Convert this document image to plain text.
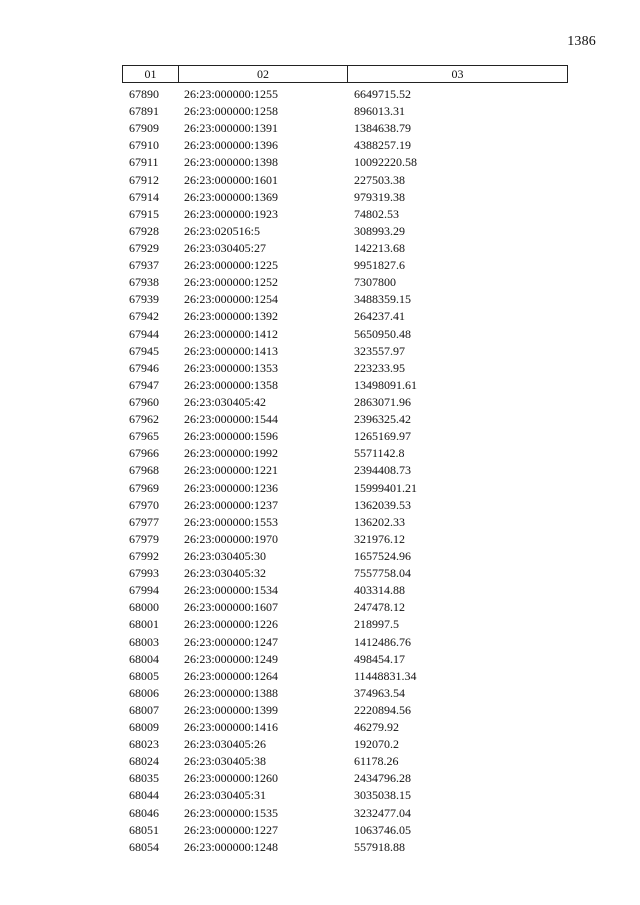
1386
01	02	03
67890 26:23:000000:1255	6649715.52
67891 26:23:000000:1258	896013.31
67909 26:23:000000:1391	1384638.79
67910 26:23:000000:1396	4388257.19
67911 26:23:000000:1398	10092220.58
67912 26:23:000000:1601	227503.38
67914 26:23:000000:1369	979319.38
67915 26:23:000000:1923	74802.53
67928 26:23:020516:5	308993.29
67929 26:23:030405:27	142213.68
67937 26:23:000000:1225	9951827.6
67938 26:23:000000:1252	7307800
67939 26:23:000000:1254	3488359.15
67942 26:23:000000:1392	264237.41
67944 26:23:000000:1412	5650950.48
67945 26:23:000000:1413	323557.97
67946 26:23:000000:1353	223233.95
67947 26:23:000000:1358	13498091.61
67960 26:23:030405:42	2863071.96
67962 26:23:000000:1544	2396325.42
67965 26:23:000000:1596	1265169.97
67966 26:23:000000:1992	5571142.8
67968 26:23:000000:1221	2394408.73
67969 26:23:000000:1236	15999401.21
67970 26:23:000000:1237	1362039.53
67977 26:23:000000:1553	136202.33
67979 26:23:000000:1970	321976.12
67992 26:23:030405:30	1657524.96
67993 26:23:030405:32	7557758.04
67994 26:23:000000:1534	403314.88
68000 26:23:000000:1607	247478.12
68001 26:23:000000:1226	218997.5
68003 26:23:000000:1247	1412486.76
68004 26:23:000000:1249	498454.17
68005 26:23:000000:1264	11448831.34
68006 26:23:000000:1388	374963.54
68007 26:23:000000:1399	2220894.56
68009 26:23:000000:1416	46279.92
68023 26:23:030405:26	192070.2
68024 26:23:030405:38	61178.26
68035 26:23:000000:1260	2434796.28
68044 26:23:030405:31	3035038.15
68046 26:23:000000:1535	3232477.04
68051 26:23:000000:1227	1063746.05
68054 26:23:000000:1248	557918.88
